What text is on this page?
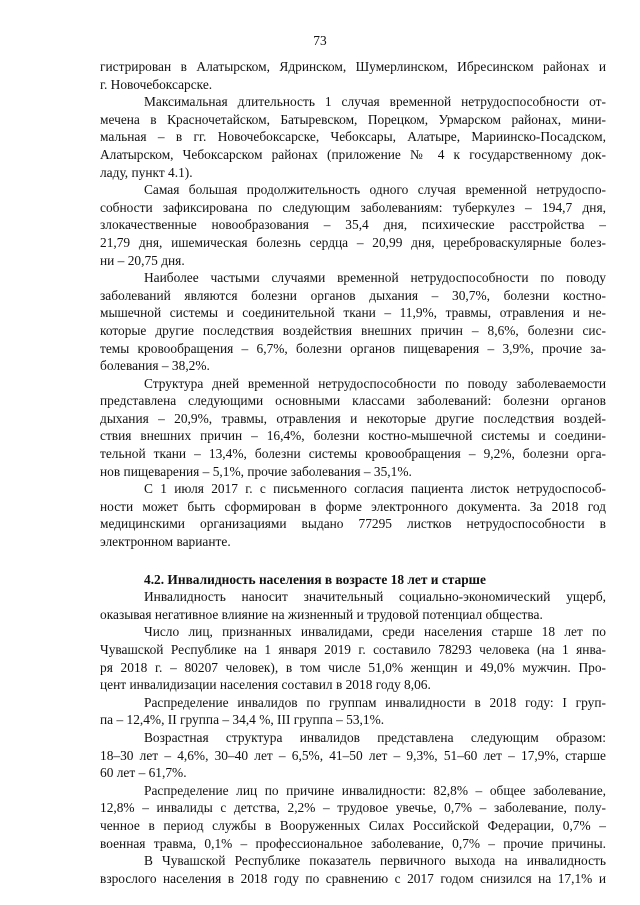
73
гистрирован в Алатырском, Ядринском, Шумерлинском, Ибресинском районах и
г. Новочебоксарске.
Максимальная длительность 1 случая временной нетрудоспособности от-
мечена в Красночетайском, Батыревском, Порецком, Урмарском районах, мини-
мальная – в гг. Новочебоксарске, Чебоксары, Алатыре, Мариинско-Посадском,
Алатырском, Чебоксарском районах (приложение № 4 к государственному док-
ладу, пункт 4.1).
Самая большая продолжительность одного случая временной нетрудоспо-
собности зафиксирована по следующим заболеваниям: туберкулез – 194,7 дня,
злокачественные новообразования – 35,4 дня, психические расстройства –
21,79 дня, ишемическая болезнь сердца – 20,99 дня, цереброваскулярные болез-
ни – 20,75 дня.
Наиболее частыми случаями временной нетрудоспособности по поводу
заболеваний являются болезни органов дыхания – 30,7%, болезни костно-
мышечной системы и соединительной ткани – 11,9%, травмы, отравления и не-
которые другие последствия воздействия внешних причин – 8,6%, болезни сис-
темы кровообращения – 6,7%, болезни органов пищеварения – 3,9%, прочие за-
болевания – 38,2%.
Структура дней временной нетрудоспособности по поводу заболеваемости
представлена следующими основными классами заболеваний: болезни органов
дыхания – 20,9%, травмы, отравления и некоторые другие последствия воздей-
ствия внешних причин – 16,4%, болезни костно-мышечной системы и соедини-
тельной ткани – 13,4%, болезни системы кровообращения – 9,2%, болезни орга-
нов пищеварения – 5,1%, прочие заболевания – 35,1%.
С 1 июля 2017 г. с письменного согласия пациента листок нетрудоспособ-
ности может быть сформирован в форме электронного документа. За 2018 год
медицинскими организациями выдано 77295 листков нетрудоспособности в
электронном варианте.
4.2. Инвалидность населения в возрасте 18 лет и старше
Инвалидность наносит значительный социально-экономический ущерб,
оказывая негативное влияние на жизненный и трудовой потенциал общества.
Число лиц, признанных инвалидами, среди населения старше 18 лет по
Чувашской Республике на 1 января 2019 г. составило 78293 человека (на 1 янва-
ря 2018 г. – 80207 человек), в том числе 51,0% женщин и 49,0% мужчин. Про-
цент инвалидизации населения составил в 2018 году 8,06.
Распределение инвалидов по группам инвалидности в 2018 году: I груп-
па – 12,4%, II группа – 34,4 %, III группа – 53,1%.
Возрастная структура инвалидов представлена следующим образом:
18–30 лет – 4,6%, 30–40 лет – 6,5%, 41–50 лет – 9,3%, 51–60 лет – 17,9%, старше
60 лет – 61,7%.
Распределение лиц по причине инвалидности: 82,8% – общее заболевание,
12,8% – инвалиды с детства, 2,2% – трудовое увечье, 0,7% – заболевание, полу-
ченное в период службы в Вооруженных Силах Российской Федерации, 0,7% –
военная травма, 0,1% – профессиональное заболевание, 0,7% – прочие причины.
В Чувашской Республике показатель первичного выхода на инвалидность
взрослого населения в 2018 году по сравнению с 2017 годом снизился на 17,1% и
